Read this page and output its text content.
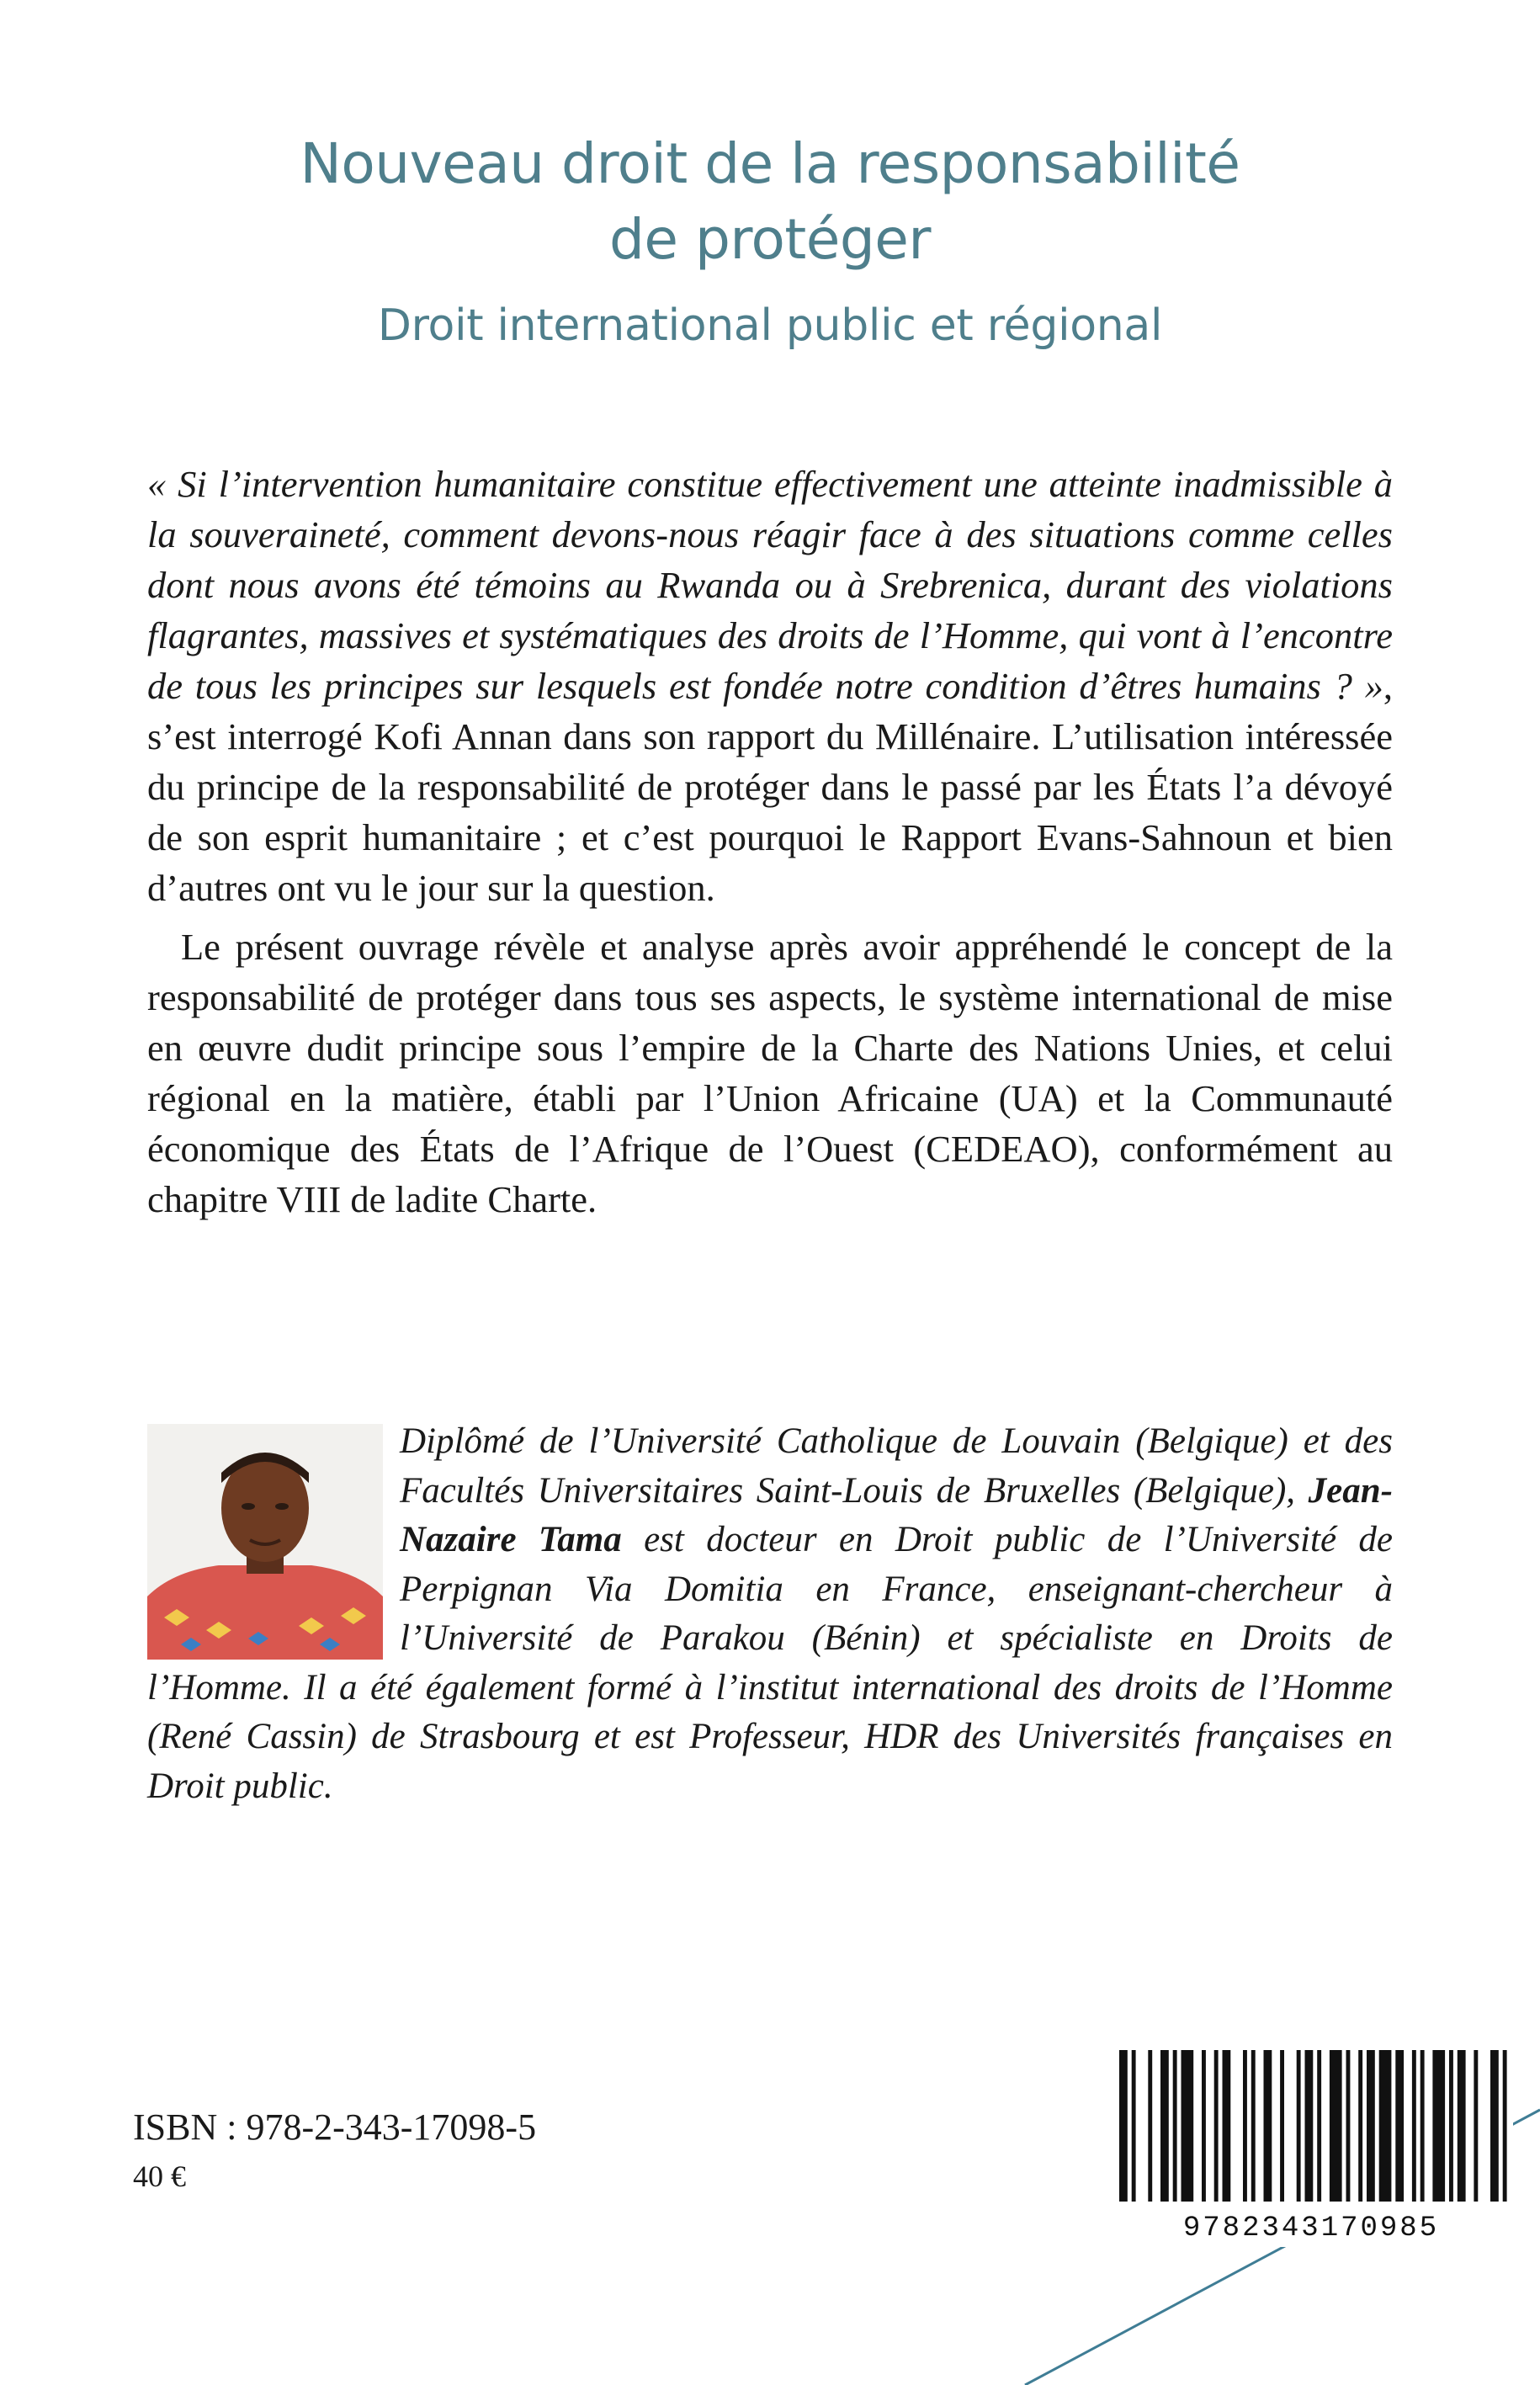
Nouveau droit de la responsabilité
de protéger
Droit international public et régional

« Si l’intervention humanitaire constitue effectivement une atteinte inadmissible à la souveraineté, comment devons-nous réagir face à des situations comme celles dont nous avons été témoins au Rwanda ou à Srebrenica, durant des violations flagrantes, massives et systématiques des droits de l’Homme, qui vont à l’encontre de tous les principes sur lesquels est fondée notre condition d’êtres humains ? », s’est interrogé Kofi Annan dans son rapport du Millénaire. L’utilisation intéressée du principe de la responsabilité de protéger dans le passé par les États l’a dévoyé de son esprit humanitaire ; et c’est pourquoi le Rapport Evans-Sahnoun et bien d’autres ont vu le jour sur la question.

Le présent ouvrage révèle et analyse après avoir appréhendé le concept de la responsabilité de protéger dans tous ses aspects, le système international de mise en œuvre dudit principe sous l’empire de la Charte des Nations Unies, et celui régional en la matière, établi par l’Union Africaine (UA) et la Communauté économique des États de l’Afrique de l’Ouest (CEDEAO), conformément au chapitre VIII de ladite Charte.

Diplômé de l’Université Catholique de Louvain (Belgique) et des Facultés Universitaires Saint-Louis de Bruxelles (Belgique), Jean-Nazaire Tama est docteur en Droit public de l’Université de Perpignan Via Domitia en France, enseignant-chercheur à l’Université de Parakou (Bénin) et spécialiste en Droits de l’Homme. Il a été également formé à l’institut international des droits de l’Homme (René Cassin) de Strasbourg et est Professeur, HDR des Universités françaises en Droit public.

ISBN : 978-2-343-17098-5
40 €
9782343170985
